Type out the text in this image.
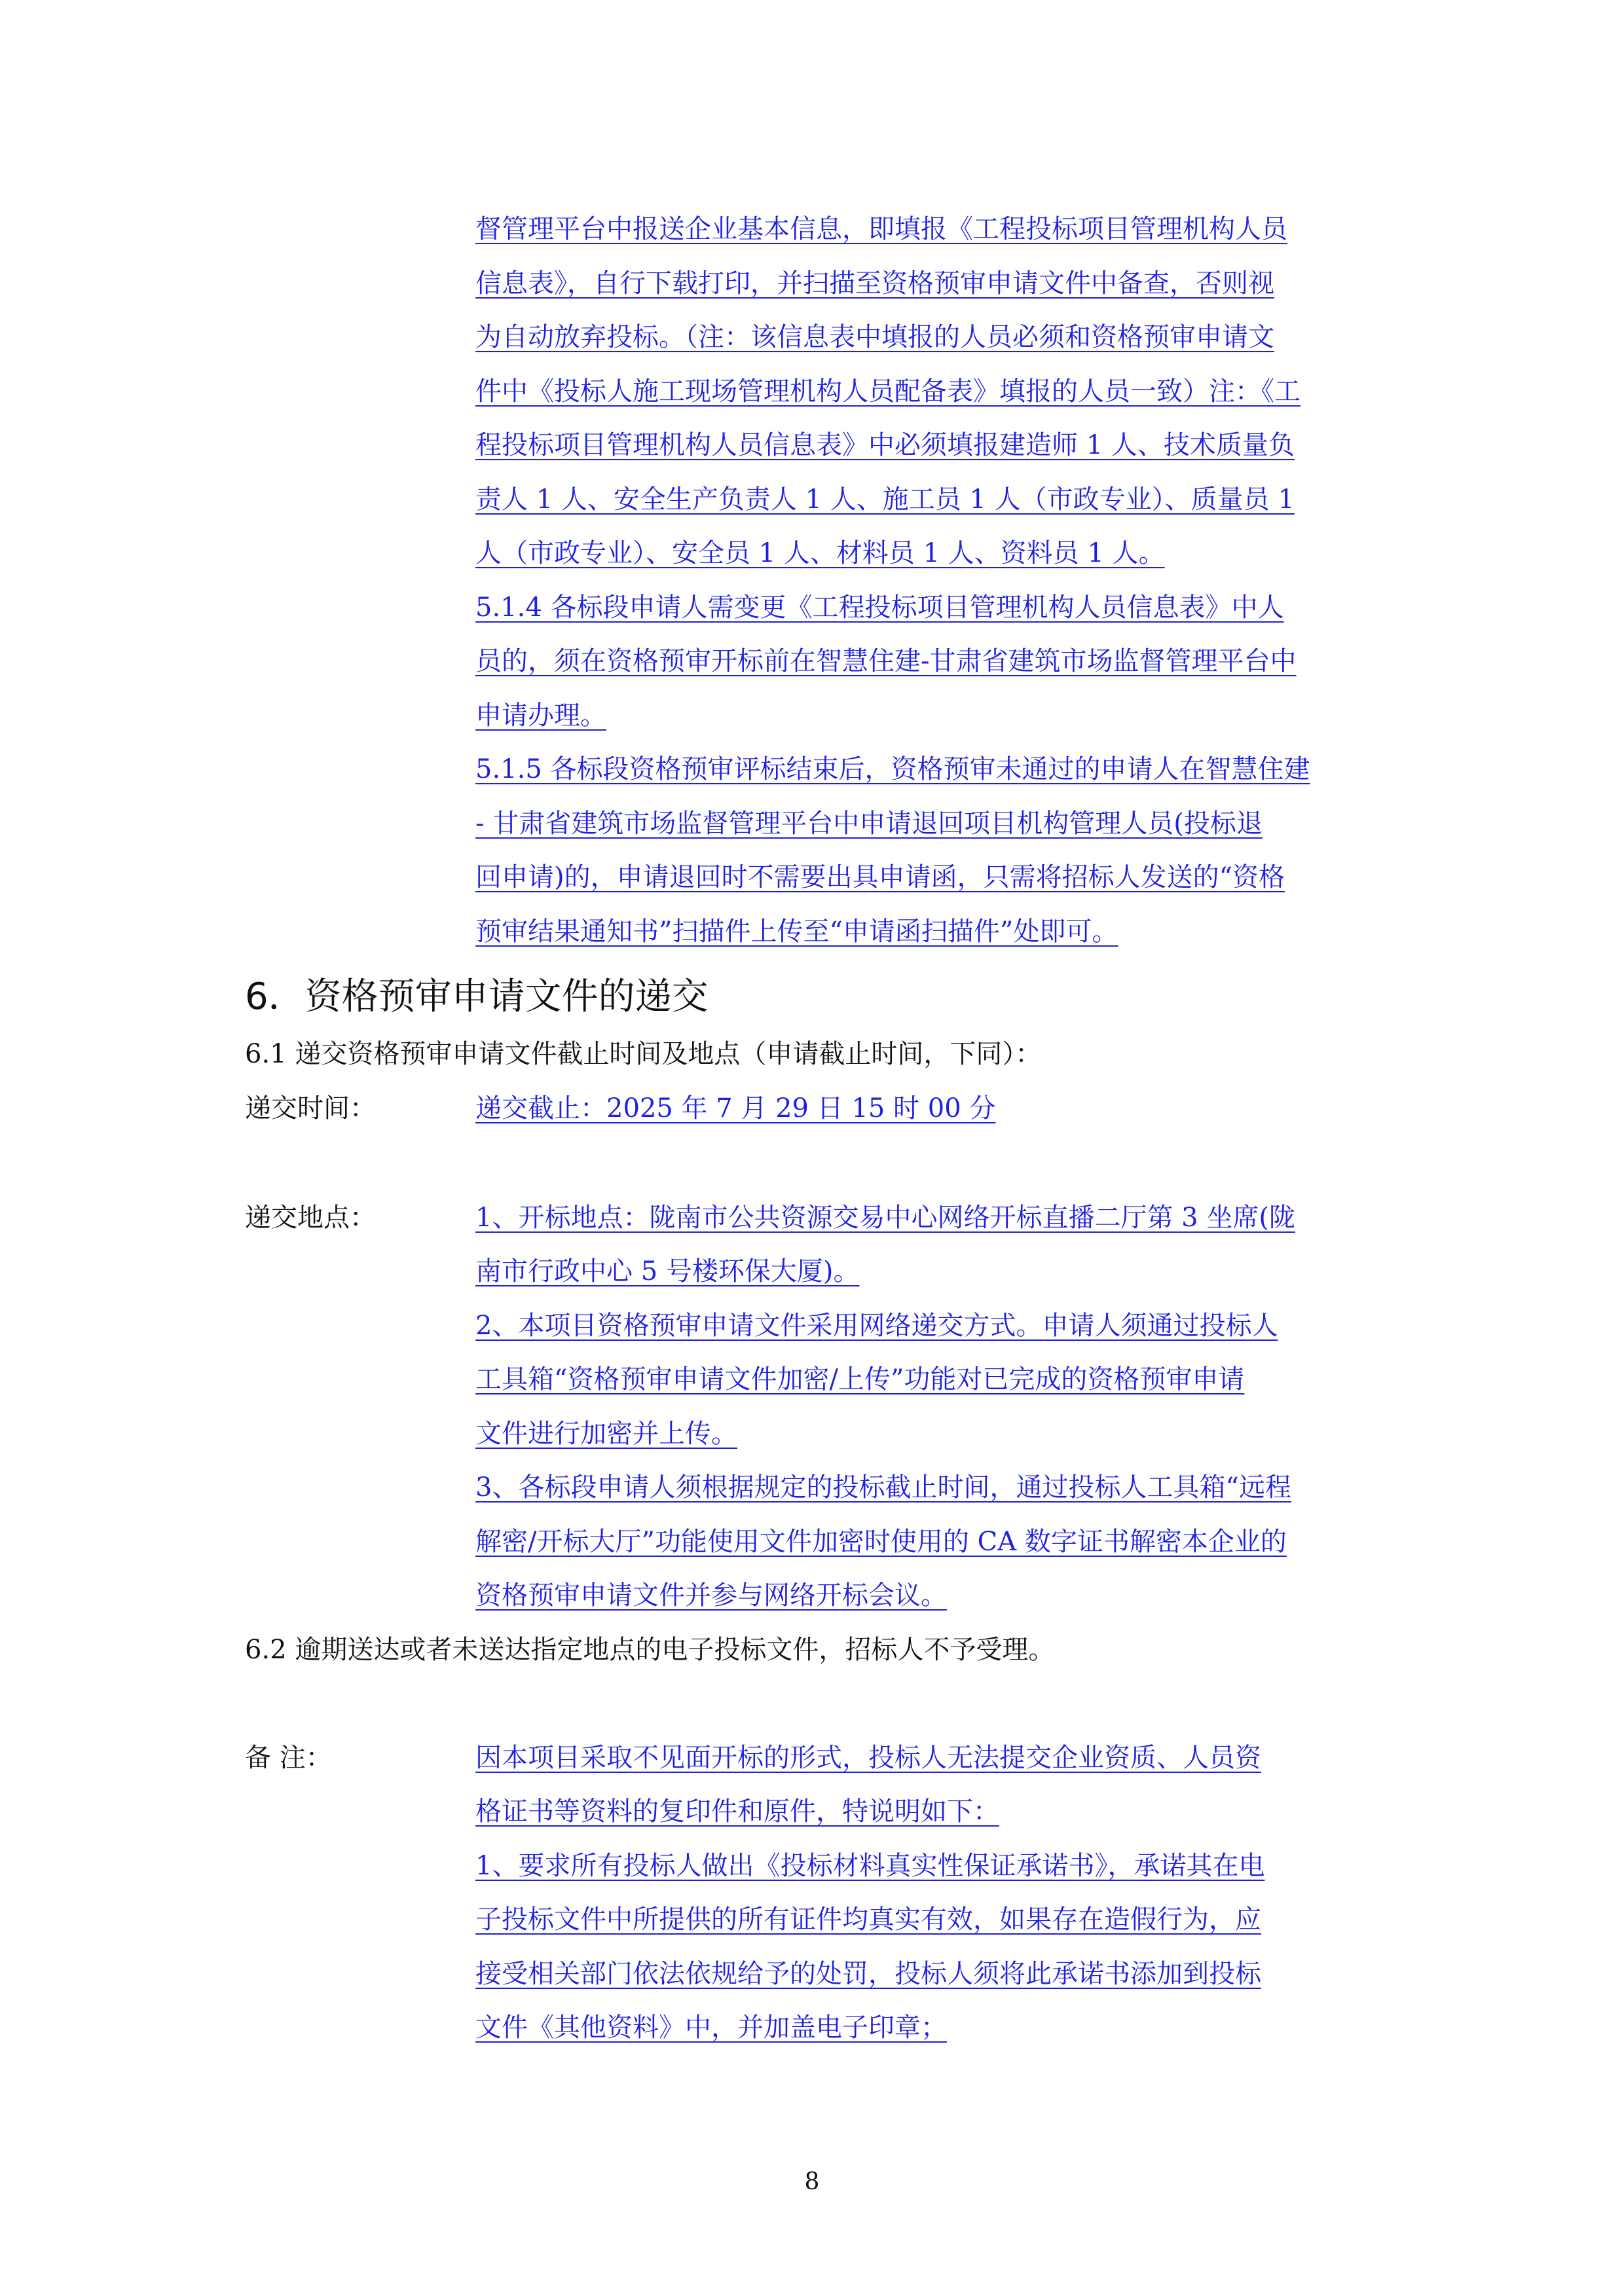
督管理平台中报送企业基本信息，即填报《工程投标项目管理机构人员
信息表》，自行下载打印，并扫描至资格预审申请文件中备查，否则视
为自动放弃投标。（注：该信息表中填报的人员必须和资格预审申请文
件中《投标人施工现场管理机构人员配备表》填报的人员一致）注：《工
程投标项目管理机构人员信息表》中必须填报建造师 1 人、技术质量负
责人 1 人、安全生产负责人 1 人、施工员 1 人（市政专业）、质量员 1
人（市政专业）、安全员 1 人、材料员 1 人、资料员 1 人。
5.1.4 各标段申请人需变更《工程投标项目管理机构人员信息表》中人
员的，须在资格预审开标前在智慧住建-甘肃省建筑市场监督管理平台中
申请办理。
5.1.5 各标段资格预审评标结束后，资格预审未通过的申请人在智慧住建
- 甘肃省建筑市场监督管理平台中申请退回项目机构管理人员(投标退
回申请)的，申请退回时不需要出具申请函，只需将招标人发送的“资格
预审结果通知书”扫描件上传至“申请函扫描件”处即可。
6．资格预审申请文件的递交
6.1 递交资格预审申请文件截止时间及地点（申请截止时间，下同）：
递交时间：	递交截止：2025 年 7 月 29 日 15 时 00 分
递交地点：	1、开标地点：陇南市公共资源交易中心网络开标直播二厅第 3 坐席(陇
南市行政中心 5 号楼环保大厦)。
2、本项目资格预审申请文件采用网络递交方式。申请人须通过投标人
工具箱“资格预审申请文件加密/上传”功能对已完成的资格预审申请
文件进行加密并上传。
3、各标段申请人须根据规定的投标截止时间，通过投标人工具箱“远程
解密/开标大厅”功能使用文件加密时使用的 CA 数字证书解密本企业的
资格预审申请文件并参与网络开标会议。
6.2 逾期送达或者未送达指定地点的电子投标文件，招标人不予受理。
备 注：	因本项目采取不见面开标的形式，投标人无法提交企业资质、人员资
格证书等资料的复印件和原件，特说明如下：
1、要求所有投标人做出《投标材料真实性保证承诺书》，承诺其在电
子投标文件中所提供的所有证件均真实有效，如果存在造假行为，应
接受相关部门依法依规给予的处罚，投标人须将此承诺书添加到投标
文件《其他资料》中，并加盖电子印章；
8
